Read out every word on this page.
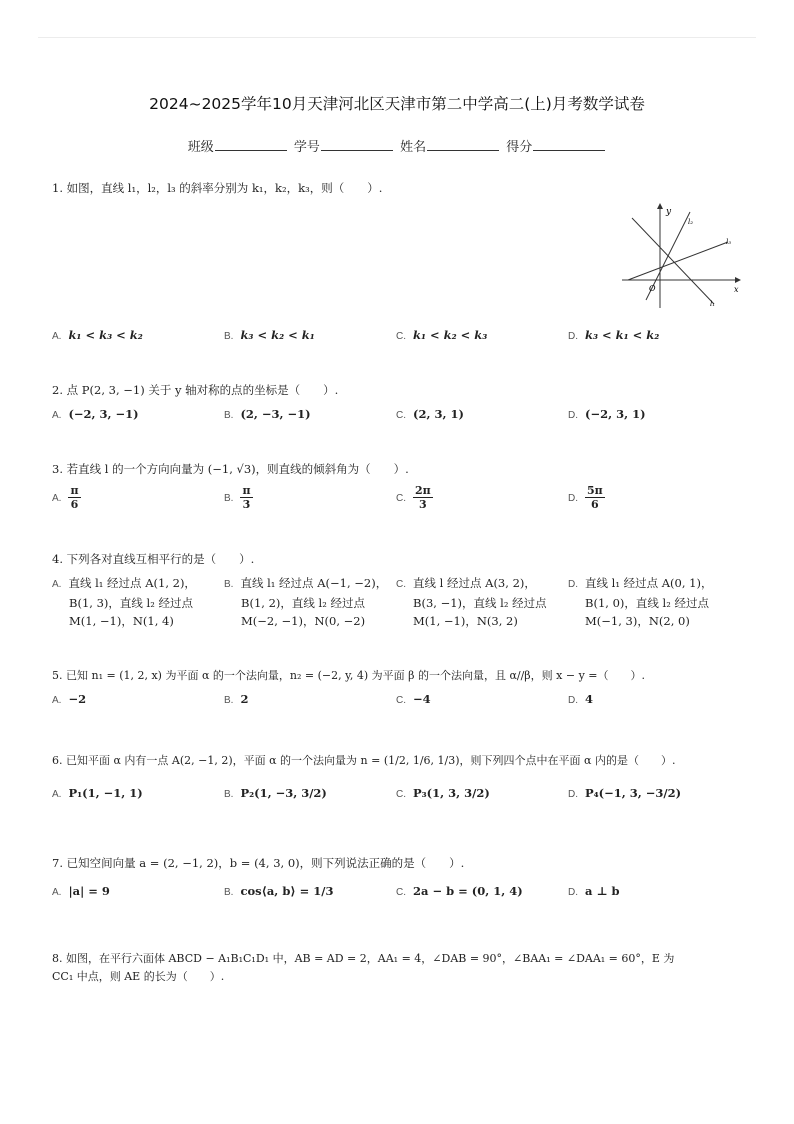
2024~2025学年10月天津河北区天津市第二中学高二(上)月考数学试卷
班级	学号	姓名	得分
1. 如图，直线 l₁，l₂，l₃ 的斜率分别为 k₁，k₂，k₃，则（　　）.
y
x
O
l₂
l₃
l₁
A. k₁ < k₃ < k₂	B. k₃ < k₂ < k₁	C. k₁ < k₂ < k₃	D. k₃ < k₁ < k₂
2. 点 P(2, 3, −1) 关于 y 轴对称的点的坐标是（　　）.
A. (−2, 3, −1)	B. (2, −3, −1)	C. (2, 3, 1)	D. (−2, 3, 1)
3. 若直线 l 的一个方向向量为 (−1, √3)，则直线的倾斜角为（　　）.
A. $\frac{\pi}{6}$	B. $\frac{\pi}{3}$	C. $\frac{2\pi}{3}$	D. $\frac{5\pi}{6}$
4. 下列各对直线互相平行的是（　　）.
A. 直线 l₁ 经过点 A(1, 2)，
B(1, 3)，直线 l₂ 经过点
M(1, −1)，N(1, 4)
B. 直线 l₁ 经过点 A(−1, −2)，
B(1, 2)，直线 l₂ 经过点
M(−2, −1)，N(0, −2)
C. 直线 l 经过点 A(3, 2)，
B(3, −1)，直线 l₂ 经过点
M(1, −1)，N(3, 2)
D. 直线 l₁ 经过点 A(0, 1)，
B(1, 0)，直线 l₂ 经过点
M(−1, 3)，N(2, 0)
5. 已知 n₁ = (1, 2, x) 为平面 α 的一个法向量，n₂ = (−2, y, 4) 为平面 β 的一个法向量，且 α//β，则 x − y =（　　）.
A. −2	B. 2	C. −4	D. 4
6. 已知平面 α 内有一点 A(2, −1, 2)，平面 α 的一个法向量为 n = (1/2, 1/6, 1/3)，则下列四个点中在平面 α 内的是（　　）.
A. P₁(1, −1, 1)	B. P₂(1, −3, 3/2)	C. P₃(1, 3, 3/2)	D. P₄(−1, 3, −3/2)
7. 已知空间向量 a = (2, −1, 2)，b = (4, 3, 0)，则下列说法正确的是（　　）.
A. |a| = 9	B. cos⟨a, b⟩ = 1/3	C. 2a − b = (0, 1, 4)	D. a ⊥ b
8. 如图，在平行六面体 ABCD − A₁B₁C₁D₁ 中，AB = AD = 2，AA₁ = 4，∠DAB = 90°，∠BAA₁ = ∠DAA₁ = 60°，E 为
CC₁ 中点，则 AE 的长为（　　）.
